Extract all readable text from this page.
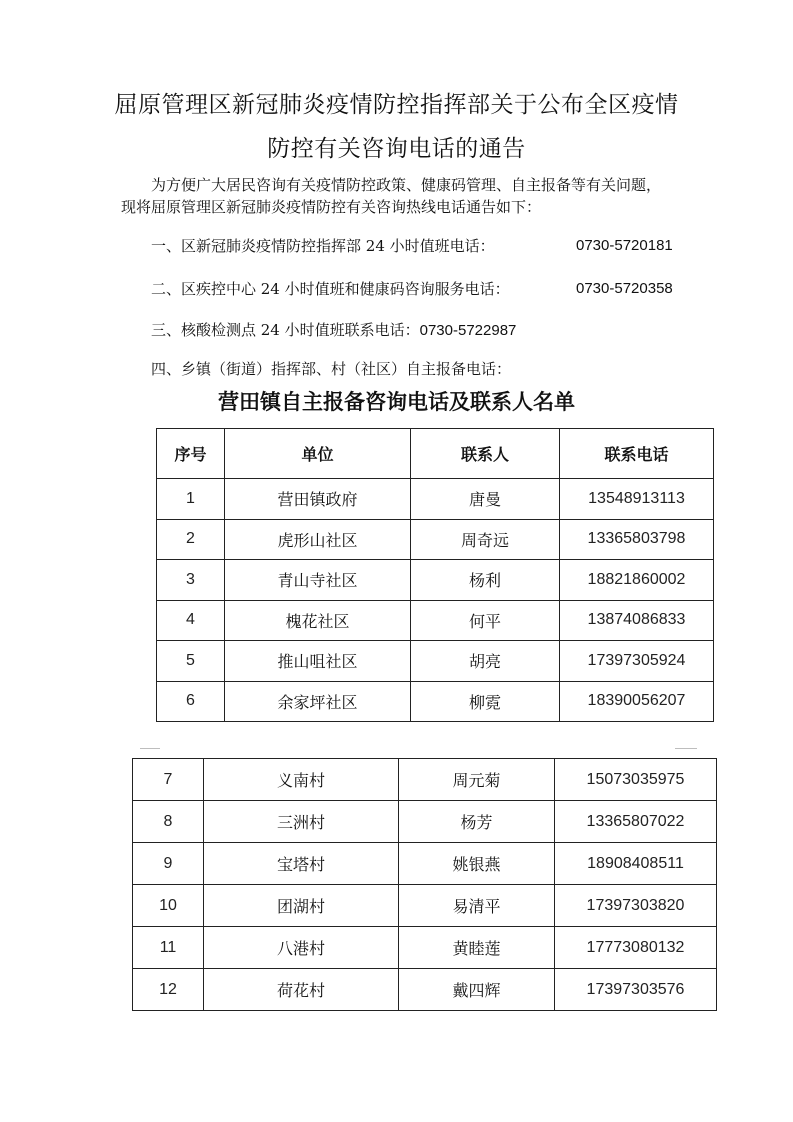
屈原管理区新冠肺炎疫情防控指挥部关于公布全区疫情
防控有关咨询电话的通告

为方便广大居民咨询有关疫情防控政策、健康码管理、自主报备等有关问题，

现将屈原管理区新冠肺炎疫情防控有关咨询热线电话通告如下：

一、区新冠肺炎疫情防控指挥部 24 小时值班电话：	0730-5720181
二、区疾控中心 24 小时值班和健康码咨询服务电话：	0730-5720358
三、核酸检测点 24 小时值班联系电话：0730-5722987
四、乡镇（街道）指挥部、村（社区）自主报备电话：
营田镇自主报备咨询电话及联系人名单
序号	单位	联系人	联系电话
1	营田镇政府	唐曼	13548913113
2	虎形山社区	周奇远	13365803798
3	青山寺社区	杨利	18821860002
4	槐花社区	何平	13874086833
5	推山咀社区	胡亮	17397305924
6	余家坪社区	柳霓	18390056207
7	义南村	周元菊	15073035975
8	三洲村	杨芳	13365807022
9	宝塔村	姚银燕	18908408511
10	团湖村	易清平	17397303820
11	八港村	黄睦莲	17773080132
12	荷花村	戴四辉	17397303576
